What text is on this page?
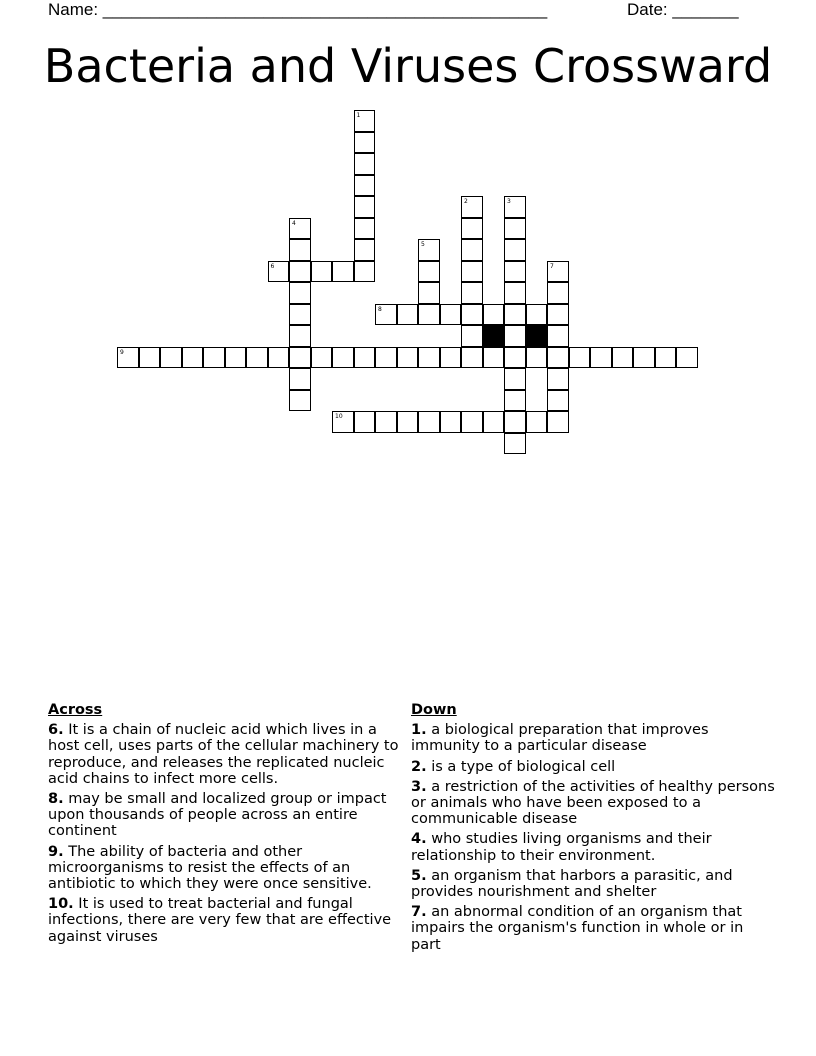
Name: _______________________________________________	Date: _______
Bacteria and Viruses Crossward
1
2	3
4
5
6	7
8
9
10
Across
6. It is a chain of nucleic acid which lives in a host cell, uses parts of the cellular machinery to reproduce, and releases the replicated nucleic acid chains to infect more cells.
8. may be small and localized group or impact upon thousands of people across an entire continent
9. The ability of bacteria and other microorganisms to resist the effects of an antibiotic to which they were once sensitive.
10. It is used to treat bacterial and fungal infections, there are very few that are effective against viruses
Down
1. a biological preparation that improves immunity to a particular disease
2. is a type of biological cell
3. a restriction of the activities of healthy persons or animals who have been exposed to a communicable disease
4. who studies living organisms and their relationship to their environment.
5. an organism that harbors a parasitic, and provides nourishment and shelter
7. an abnormal condition of an organism that impairs the organism's function in whole or in part
